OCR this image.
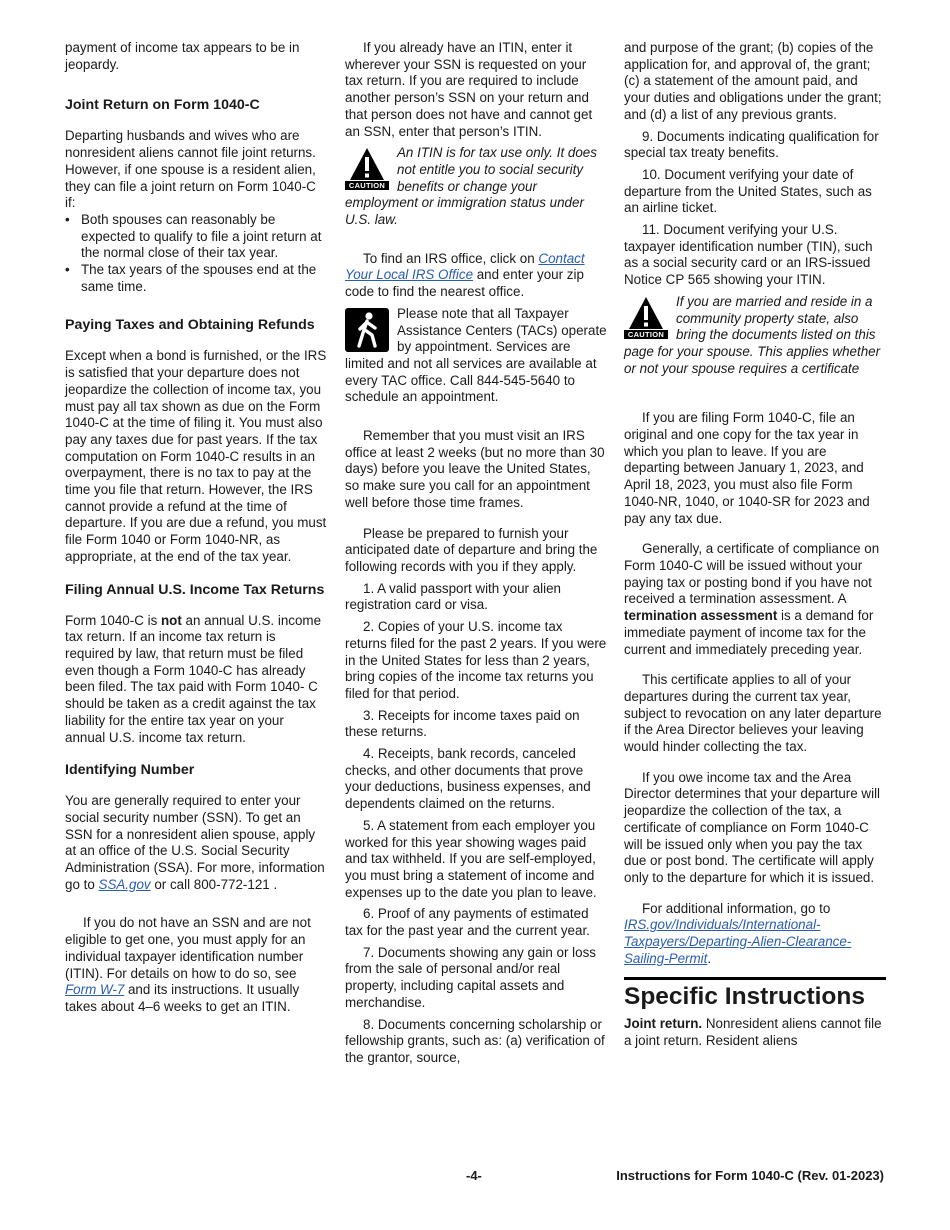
payment of income tax appears to be in jeopardy.

Joint Return on Form 1040-C

Departing husbands and wives who are nonresident aliens cannot file joint returns. However, if one spouse is a resident alien, they can file a joint return on Form 1040-C if:

• Both spouses can reasonably be expected to qualify to file a joint return at the normal close of their tax year.
• The tax years of the spouses end at the same time.
Paying Taxes and Obtaining Refunds

Except when a bond is furnished, or the IRS is satisfied that your departure does not jeopardize the collection of income tax, you must pay all tax shown as due on the Form 1040-C at the time of filing it. You must also pay any taxes due for past years. If the tax computation on Form 1040-C results in an overpayment, there is no tax to pay at the time you file that return. However, the IRS cannot provide a refund at the time of departure. If you are due a refund, you must file Form 1040 or Form 1040-NR, as appropriate, at the end of the tax year.

Filing Annual U.S. Income Tax Returns

Form 1040-C is not an annual U.S. income tax return. If an income tax return is required by law, that return must be filed even though a Form 1040-C has already been filed. The tax paid with Form 1040- C should be taken as a credit against the tax liability for the entire tax year on your annual U.S. income tax return.

Identifying Number

You are generally required to enter your social security number (SSN). To get an SSN for a nonresident alien spouse, apply at an office of the U.S. Social Security Administration (SSA). For more, information go to SSA.gov or call 800-772-121 .

If you do not have an SSN and are not eligible to get one, you must apply for an individual taxpayer identification number (ITIN). For details on how to do so, see Form W-7 and its instructions. It usually takes about 4–6 weeks to get an ITIN.

If you already have an ITIN, enter it wherever your SSN is requested on your tax return. If you are required to include another person’s SSN on your return and that person does not have and cannot get an SSN, enter that person’s ITIN.

CAUTION
An ITIN is for tax use only. It does not entitle you to social security benefits or change your employment or immigration status under U.S. law.

To find an IRS office, click on Contact Your Local IRS Office and enter your zip code to find the nearest office.

Please note that all Taxpayer Assistance Centers (TACs) operate by appointment. Services are limited and not all services are available at every TAC office. Call 844-545-5640 to schedule an appointment.

Remember that you must visit an IRS office at least 2 weeks (but no more than 30 days) before you leave the United States, so make sure you call for an appointment well before those time frames.

Please be prepared to furnish your anticipated date of departure and bring the following records with you if they apply.

1. A valid passport with your alien registration card or visa.

2. Copies of your U.S. income tax returns filed for the past 2 years. If you were in the United States for less than 2 years, bring copies of the income tax returns you filed for that period.

3. Receipts for income taxes paid on these returns.

4. Receipts, bank records, canceled checks, and other documents that prove your deductions, business expenses, and dependents claimed on the returns.

5. A statement from each employer you worked for this year showing wages paid and tax withheld. If you are self-employed, you must bring a statement of income and expenses up to the date you plan to leave.

6. Proof of any payments of estimated tax for the past year and the current year.

7. Documents showing any gain or loss from the sale of personal and/or real property, including capital assets and merchandise.

8. Documents concerning scholarship or fellowship grants, such as: (a) verification of the grantor, source,

and purpose of the grant; (b) copies of the application for, and approval of, the grant; (c) a statement of the amount paid, and your duties and obligations under the grant; and (d) a list of any previous grants.

9. Documents indicating qualification for special tax treaty benefits.

10. Document verifying your date of departure from the United States, such as an airline ticket.

11. Document verifying your U.S. taxpayer identification number (TIN), such as a social security card or an IRS-issued Notice CP 565 showing your ITIN.

CAUTION
If you are married and reside in a community property state, also bring the documents listed on this page for your spouse. This applies whether or not your spouse requires a certificate

If you are filing Form 1040-C, file an original and one copy for the tax year in which you plan to leave. If you are departing between January 1, 2023, and April 18, 2023, you must also file Form 1040-NR, 1040, or 1040-SR for 2023 and pay any tax due.

Generally, a certificate of compliance on Form 1040-C will be issued without your paying tax or posting bond if you have not received a termination assessment. A termination assessment is a demand for immediate payment of income tax for the current and immediately preceding year.

This certificate applies to all of your departures during the current tax year, subject to revocation on any later departure if the Area Director believes your leaving would hinder collecting the tax.

If you owe income tax and the Area Director determines that your departure will jeopardize the collection of the tax, a certificate of compliance on Form 1040-C will be issued only when you pay the tax due or post bond. The certificate will apply only to the departure for which it is issued.

For additional information, go to IRS.gov/Individuals/International-Taxpayers/Departing-Alien-Clearance-Sailing-Permit.

Specific Instructions

Joint return. Nonresident aliens cannot file a joint return. Resident aliens

-4-	Instructions for Form 1040-C (Rev. 01-2023)
